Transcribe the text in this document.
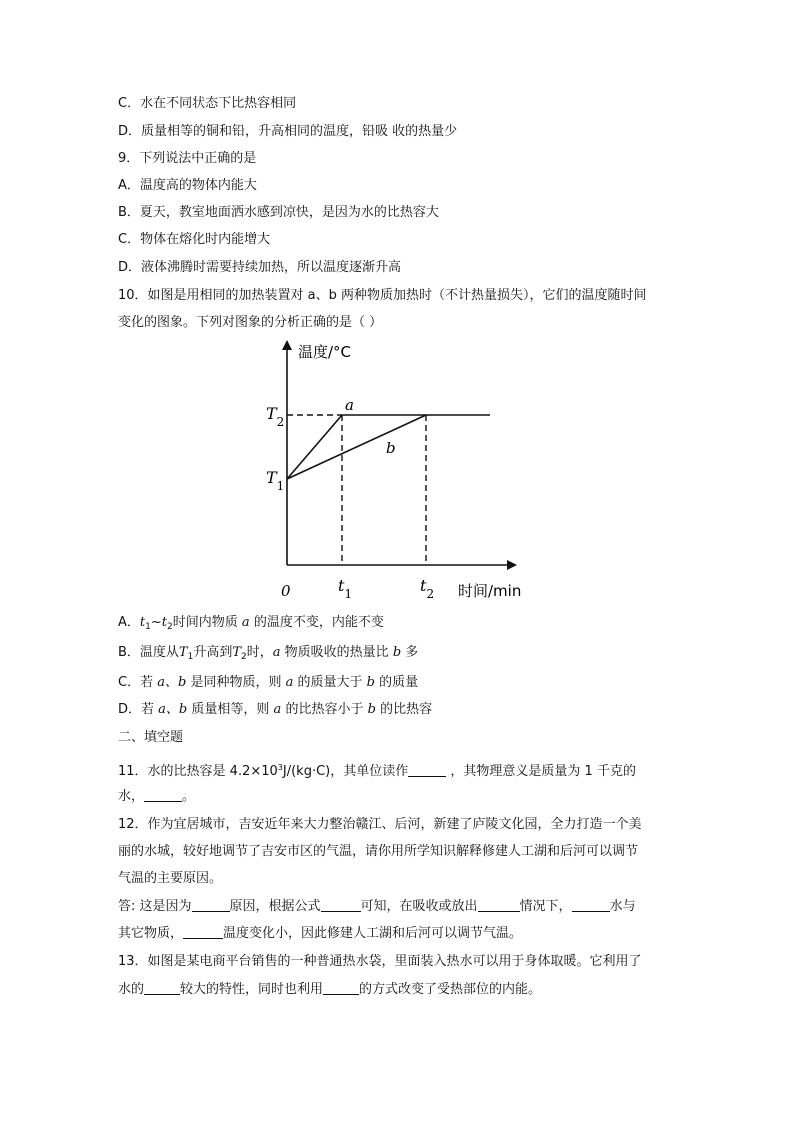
C．水在不同状态下比热容相同
D．质量相等的铜和铅，升高相同的温度，铅吸 收的热量少
9．下列说法中正确的是
A．温度高的物体内能大
B．夏天，教室地面洒水感到凉快，是因为水的比热容大
C．物体在熔化时内能增大
D．液体沸腾时需要持续加热，所以温度逐渐升高
10．如图是用相同的加热装置对 a、b 两种物质加热时（不计热量损失），它们的温度随时间
变化的图象。下列对图象的分析正确的是（ ）
温度/°C
时间/min
0
a
b
$T_2$
$T_1$
$t_1$	$t_2$
A．$t_1\sim t_2$时间内物质 a 的温度不变，内能不变
B．温度从$T_1$升高到$T_2$时，a 物质吸收的热量比 b 多
C．若 a、b 是同种物质，则 a 的质量大于 b 的质量
D．若 a、b 质量相等，则 a 的比热容小于 b 的比热容
二、填空题
11．水的比热容是 $4.2\times 10^3J/(kg\cdot C)$，其单位读作	，其物理意义是质量为 1 千克的
水，	。
12．作为宜居城市，吉安近年来大力整治赣江、后河，新建了庐陵文化园，全力打造一个美
丽的水城，较好地调节了吉安市区的气温，请你用所学知识解释修建人工湖和后河可以调节
气温的主要原因。
答: 这是因为	原因，根据公式	可知，在吸收或放出	情况下，	水与
其它物质，	温度变化小，因此修建人工湖和后河可以调节气温。
13．如图是某电商平台销售的一种普通热水袋，里面装入热水可以用于身体取暖。它利用了
水的	较大的特性，同时也利用	的方式改变了受热部位的内能。
